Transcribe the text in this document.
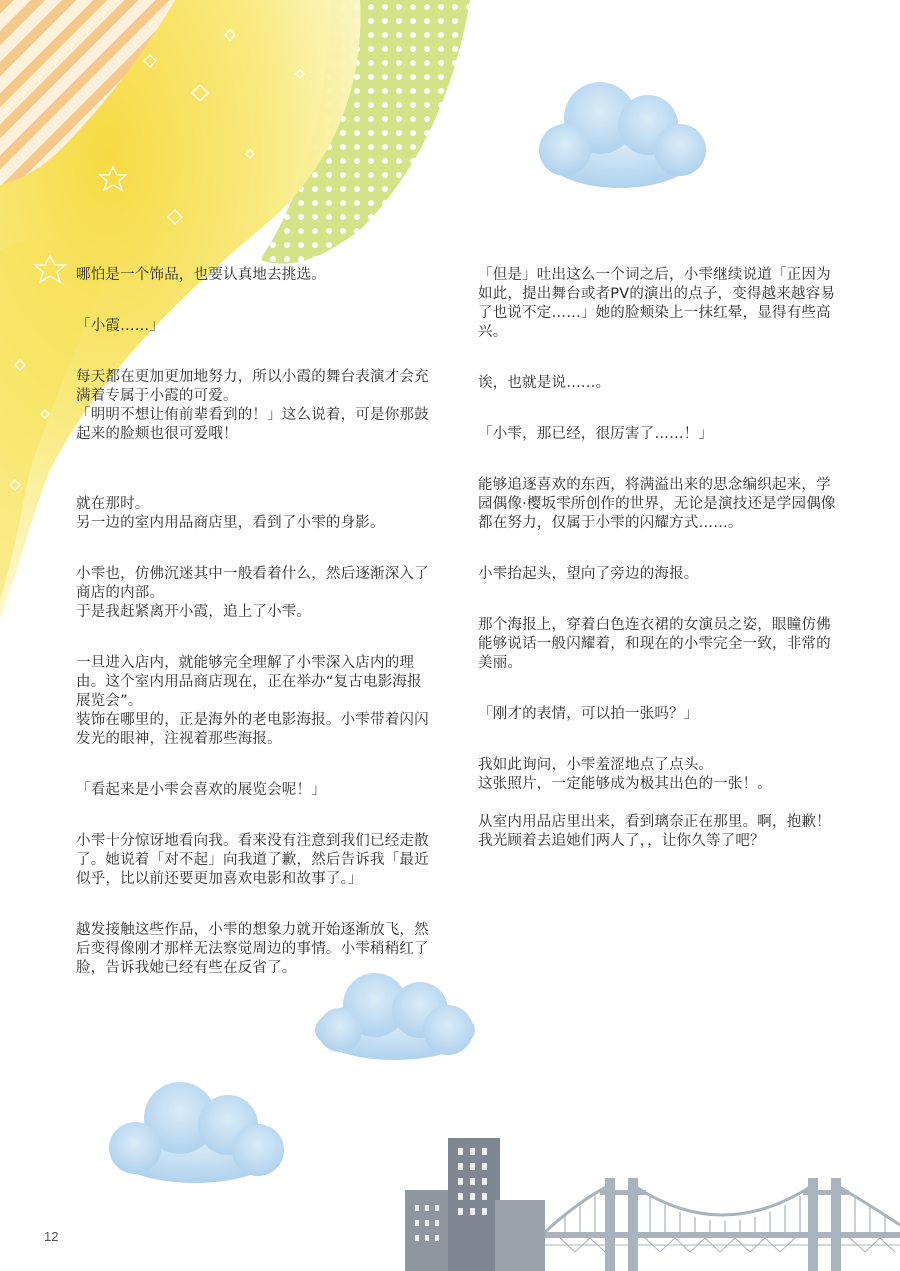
哪怕是一个饰品，也要认真地去挑选。

「小霞……」

每天都在更加更加地努力，所以小霞的舞台表演才会充满着专属于小霞的可爱。
「明明不想让侑前辈看到的！」这么说着，可是你那鼓起来的脸颊也很可爱哦！

就在那时。
另一边的室内用品商店里，看到了小雫的身影。

小雫也，仿佛沉迷其中一般看着什么，然后逐渐深入了商店的内部。
于是我赶紧离开小霞，追上了小雫。

一旦进入店内，就能够完全理解了小雫深入店内的理由。这个室内用品商店现在，正在举办“复古电影海报展览会”。
装饰在哪里的，正是海外的老电影海报。小雫带着闪闪发光的眼神，注视着那些海报。

「看起来是小雫会喜欢的展览会呢！」

小雫十分惊讶地看向我。看来没有注意到我们已经走散了。她说着「对不起」向我道了歉，然后告诉我「最近似乎，比以前还要更加喜欢电影和故事了。」

越发接触这些作品，小雫的想象力就开始逐渐放飞，然后变得像刚才那样无法察觉周边的事情。小雫稍稍红了脸，告诉我她已经有些在反省了。

「但是」吐出这么一个词之后，小雫继续说道「正因为如此，提出舞台或者PV的演出的点子，变得越来越容易了也说不定……」她的脸颊染上一抹红晕，显得有些高兴。

诶，也就是说……。

「小雫，那已经，很厉害了……！」

能够追逐喜欢的东西，将满溢出来的思念编织起来，学园偶像·樱坂雫所创作的世界，无论是演技还是学园偶像都在努力，仅属于小雫的闪耀方式……。

小雫抬起头，望向了旁边的海报。

那个海报上，穿着白色连衣裙的女演员之姿，眼瞳仿佛能够说话一般闪耀着，和现在的小雫完全一致，非常的美丽。

「刚才的表情，可以拍一张吗？」

我如此询问，小雫羞涩地点了点头。
这张照片，一定能够成为极其出色的一张！。

从室内用品店里出来，看到璃奈正在那里。啊，抱歉！我光顾着去追她们两人了，，让你久等了吧？

12
